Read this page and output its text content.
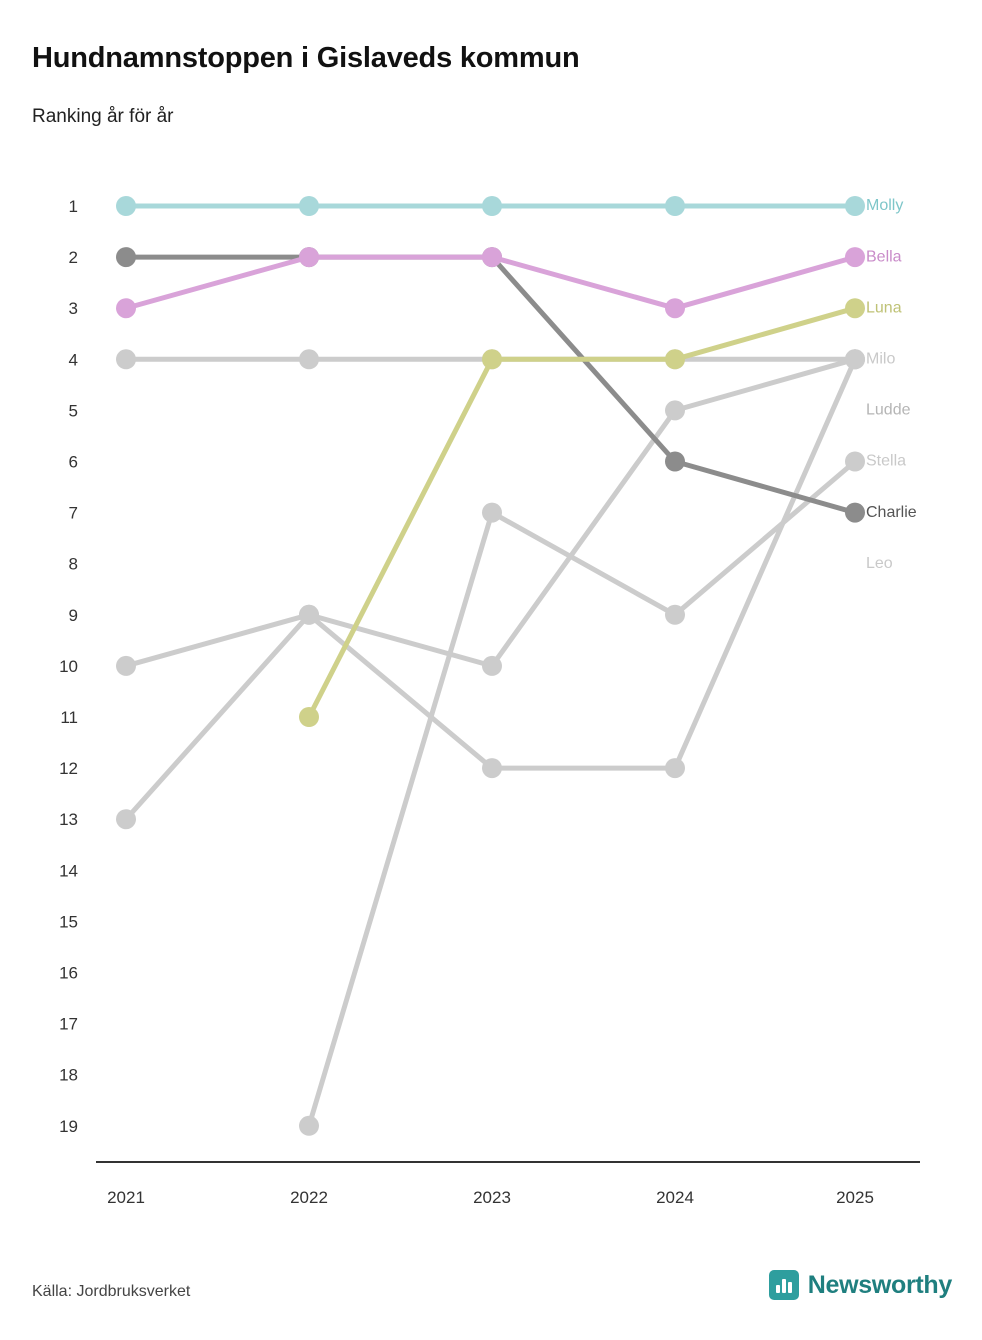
Hundnamnstoppen i Gislaveds kommun
Ranking år för år
1
2
3
4
5
6
7
8
9
10
11
12
13
14
15
16
17
18
19
2021	2022	2023	2024	2025
Molly
Bella
Luna
Milo
Ludde
Stella
Charlie
Leo
Källa: Jordbruksverket	Newsworthy
